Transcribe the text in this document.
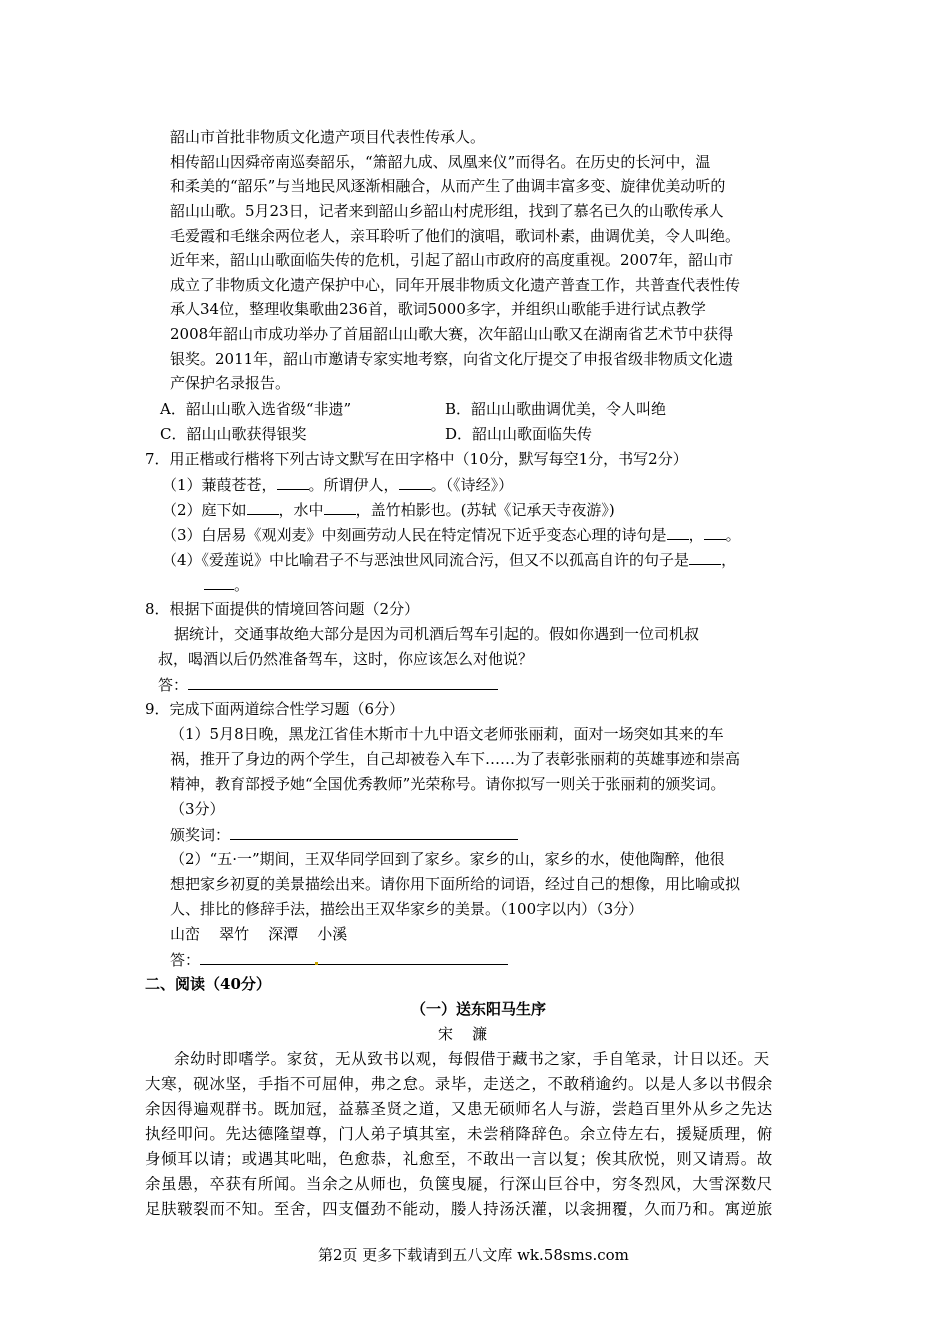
韶山市首批非物质文化遗产项目代表性传承人。
相传韶山因舜帝南巡奏韶乐，“箫韶九成、凤凰来仪”而得名。在历史的长河中，温
和柔美的“韶乐”与当地民风逐渐相融合，从而产生了曲调丰富多变、旋律优美动听的
韶山山歌。5月23日，记者来到韶山乡韶山村虎形组，找到了慕名已久的山歌传承人
毛爱霞和毛继余两位老人，亲耳聆听了他们的演唱，歌词朴素，曲调优美，令人叫绝。
近年来，韶山山歌面临失传的危机，引起了韶山市政府的高度重视。2007年，韶山市
成立了非物质文化遗产保护中心，同年开展非物质文化遗产普查工作，共普查代表性传
承人34位，整理收集歌曲236首，歌词5000多字，并组织山歌能手进行试点教学
2008年韶山市成功举办了首届韶山山歌大赛，次年韶山山歌又在湖南省艺术节中获得
银奖。2011年，韶山市邀请专家实地考察，向省文化厅提交了申报省级非物质文化遗
产保护名录报告。
A．韶山山歌入选省级“非遗”	B．韶山山歌曲调优美，令人叫绝
C．韶山山歌获得银奖	D．韶山山歌面临失传
7．用正楷或行楷将下列古诗文默写在田字格中（10分，默写每空1分，书写2分）
（1）蒹葭苍苍， 。所谓伊人， 。（《诗经》）
（2）庭下如 ，水中 ，盖竹柏影也。(苏轼《记承天寺夜游》)
（3）白居易《观刈麦》中刻画劳动人民在特定情况下近乎变态心理的诗句是 ， 。
（4）《爱莲说》中比喻君子不与恶浊世风同流合污，但又不以孤高自许的句子是 ，
。
8．根据下面提供的情境回答问题（2分）
据统计，交通事故绝大部分是因为司机酒后驾车引起的。假如你遇到一位司机叔
叔，喝酒以后仍然准备驾车，这时，你应该怎么对他说？
答：
9．完成下面两道综合性学习题（6分）
（1）5月8日晚，黑龙江省佳木斯市十九中语文老师张丽莉，面对一场突如其来的车
祸，推开了身边的两个学生，自己却被卷入车下……为了表彰张丽莉的英雄事迹和崇高
精神，教育部授予她“全国优秀教师”光荣称号。请你拟写一则关于张丽莉的颁奖词。
（3分）
颁奖词：
（2）“五·一”期间，王双华同学回到了家乡。家乡的山，家乡的水，使他陶醉，他很
想把家乡初夏的美景描绘出来。请你用下面所给的词语，经过自己的想像，用比喻或拟
人、排比的修辞手法，描绘出王双华家乡的美景。（100字以内）（3分）
山峦    翠竹    深潭    小溪
答：
二、阅读（40分）
（一）送东阳马生序
宋    濂
余幼时即嗜学。家贫，无从致书以观，每假借于藏书之家，手自笔录，计日以还。天
大寒，砚冰坚，手指不可屈伸，弗之怠。录毕，走送之，不敢稍逾约。以是人多以书假余
余因得遍观群书。既加冠，益慕圣贤之道，又患无硕师名人与游，尝趋百里外从乡之先达
执经叩问。先达德隆望尊，门人弟子填其室，未尝稍降辞色。余立侍左右，援疑质理，俯
身倾耳以请；或遇其叱咄，色愈恭，礼愈至，不敢出一言以复；俟其欣悦，则又请焉。故
余虽愚，卒获有所闻。当余之从师也，负箧曳屣，行深山巨谷中，穷冬烈风，大雪深数尺
足肤皲裂而不知。至舍，四支僵劲不能动，媵人持汤沃灌，以衾拥覆，久而乃和。寓逆旅
第2页 更多下载请到五八文库 wk.58sms.com
